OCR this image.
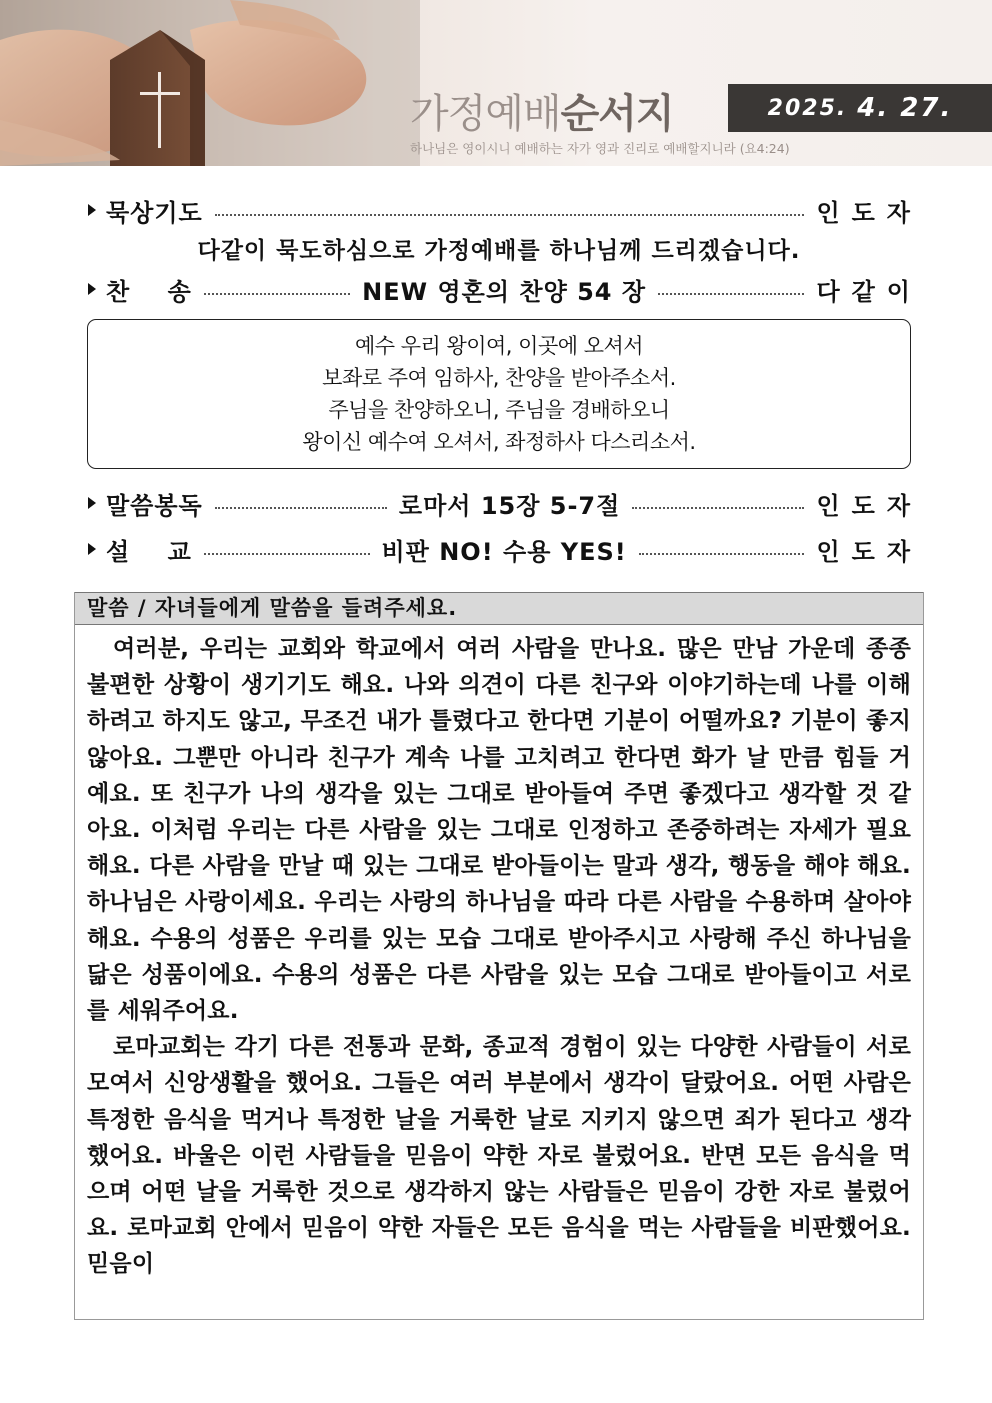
가정예배순서지	2025. 4. 27.
하나님은 영이시니 예배하는 자가 영과 진리로 예배할지니라 (요4:24)
묵상기도	인도자
다같이 묵도하심으로 가정예배를 하나님께 드리겠습니다.
찬    송	NEW 영혼의 찬양 54 장	다같이
예수 우리 왕이여, 이곳에 오셔서
보좌로 주여 임하사, 찬양을 받아주소서.
주님을 찬양하오니, 주님을 경배하오니
왕이신 예수여 오셔서, 좌정하사 다스리소서.
말씀봉독	로마서 15장 5-7절	인도자
설    교	비판 NO! 수용 YES!	인도자
말씀 / 자녀들에게 말씀을 들려주세요.

여러분, 우리는 교회와 학교에서 여러 사람을 만나요. 많은 만남 가운데 종종 불편한 상황이 생기기도 해요. 나와 의견이 다른 친구와 이야기하는데 나를 이해하려고 하지도 않고, 무조건 내가 틀렸다고 한다면 기분이 어떨까요? 기분이 좋지 않아요. 그뿐만 아니라 친구가 계속 나를 고치려고 한다면 화가 날 만큼 힘들 거예요. 또 친구가 나의 생각을 있는 그대로 받아들여 주면 좋겠다고 생각할 것 같아요. 이처럼 우리는 다른 사람을 있는 그대로 인정하고 존중하려는 자세가 필요해요. 다른 사람을 만날 때 있는 그대로 받아들이는 말과 생각, 행동을 해야 해요. 하나님은 사랑이세요. 우리는 사랑의 하나님을 따라 다른 사람을 수용하며 살아야 해요. 수용의 성품은 우리를 있는 모습 그대로 받아주시고 사랑해 주신 하나님을 닮은 성품이에요. 수용의 성품은 다른 사람을 있는 모습 그대로 받아들이고 서로를 세워주어요.

로마교회는 각기 다른 전통과 문화, 종교적 경험이 있는 다양한 사람들이 서로 모여서 신앙생활을 했어요. 그들은 여러 부분에서 생각이 달랐어요. 어떤 사람은 특정한 음식을 먹거나 특정한 날을 거룩한 날로 지키지 않으면 죄가 된다고 생각했어요. 바울은 이런 사람들을 믿음이 약한 자로 불렀어요. 반면 모든 음식을 먹으며 어떤 날을 거룩한 것으로 생각하지 않는 사람들은 믿음이 강한 자로 불렀어요. 로마교회 안에서 믿음이 약한 자들은 모든 음식을 먹는 사람들을 비판했어요. 믿음이
